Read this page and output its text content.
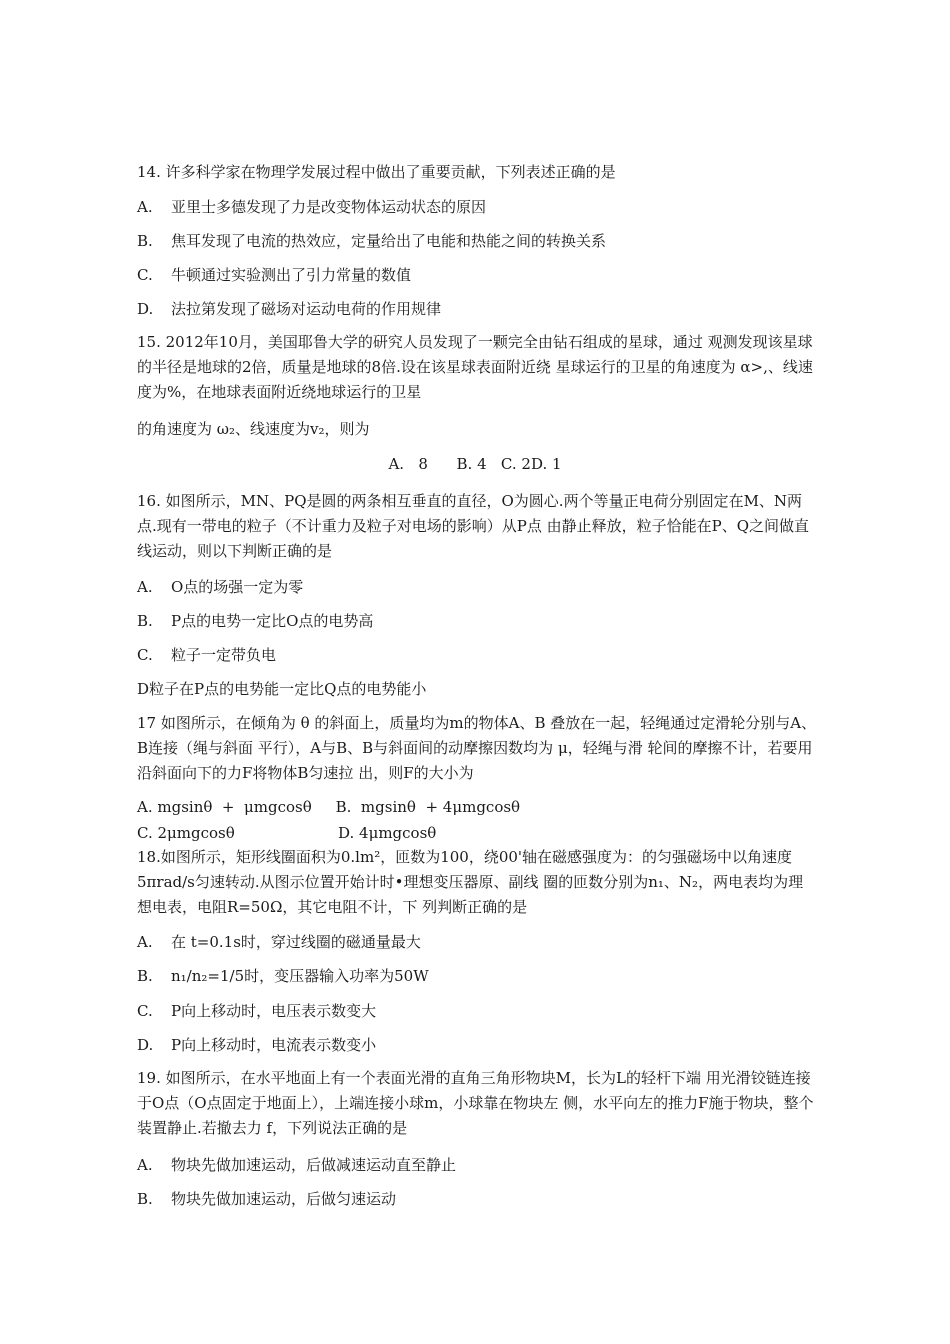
14. 许多科学家在物理学发展过程中做出了重要贡献，下列表述正确的是
A. 亚里士多德发现了力是改变物体运动状态的原因
B. 焦耳发现了电流的热效应，定量给出了电能和热能之间的转换关系
C. 牛顿通过实验测出了引力常量的数值
D. 法拉第发现了磁场对运动电荷的作用规律
15. 2012年10月，美国耶鲁大学的研究人员发现了一颗完全由钻石组成的星球，通过 观测发现该星球的半径是地球的2倍，质量是地球的8倍.设在该星球表面附近绕 星球运行的卫星的角速度为 α>,、线速度为%，在地球表面附近绕地球运行的卫星
的角速度为 ω₂、线速度为v₂，则为
A.   8      B. 4   C. 2D. 1
16. 如图所示，MN、PQ是圆的两条相互垂直的直径，O为圆心.两个等量正电荷分别固定在M、N两点.现有一带电的粒子（不计重力及粒子对电场的影响）从P点 由静止释放，粒子恰能在P、Q之间做直线运动，则以下判断正确的是
A. O点的场强一定为零
B. P点的电势一定比O点的电势高
C. 粒子一定带负电
D粒子在P点的电势能一定比Q点的电势能小
17 如图所示，在倾角为 θ 的斜面上，质量均为m的物体A、B 叠放在一起，轻绳通过定滑轮分别与A、B连接（绳与斜面 平行），A与B、B与斜面间的动摩擦因数均为 μ，轻绳与滑 轮间的摩擦不计，若要用沿斜面向下的力F将物体B匀速拉 出，则F的大小为
A. mgsinθ  +  μmgcosθ     B.  mgsinθ  + 4μmgcosθ
C. 2μmgcosθ	D. 4μmgcosθ
18.如图所示，矩形线圈面积为0.lm²，匝数为100，绕00'轴在磁感强度为：的匀强磁场中以角速度5πrad/s匀速转动.从图示位置开始计时•理想变压器原、副线 圈的匝数分别为n₁、N₂，两电表均为理想电表，电阻R=50Ω，其它电阻不计，下 列判断正确的是
A. 在 t=0.1s时，穿过线圈的磁通量最大
B. n₁/n₂=1/5时，变压器输入功率为50W
C. P向上移动时，电压表示数变大
D. P向上移动时，电流表示数变小
19. 如图所示，在水平地面上有一个表面光滑的直角三角形物块M，长为L的轻杆下端 用光滑铰链连接于O点（O点固定于地面上），上端连接小球m，小球靠在物块左 侧，水平向左的推力F施于物块，整个装置静止.若撤去力 f，下列说法正确的是
A. 物块先做加速运动，后做减速运动直至静止
B. 物块先做加速运动，后做匀速运动
